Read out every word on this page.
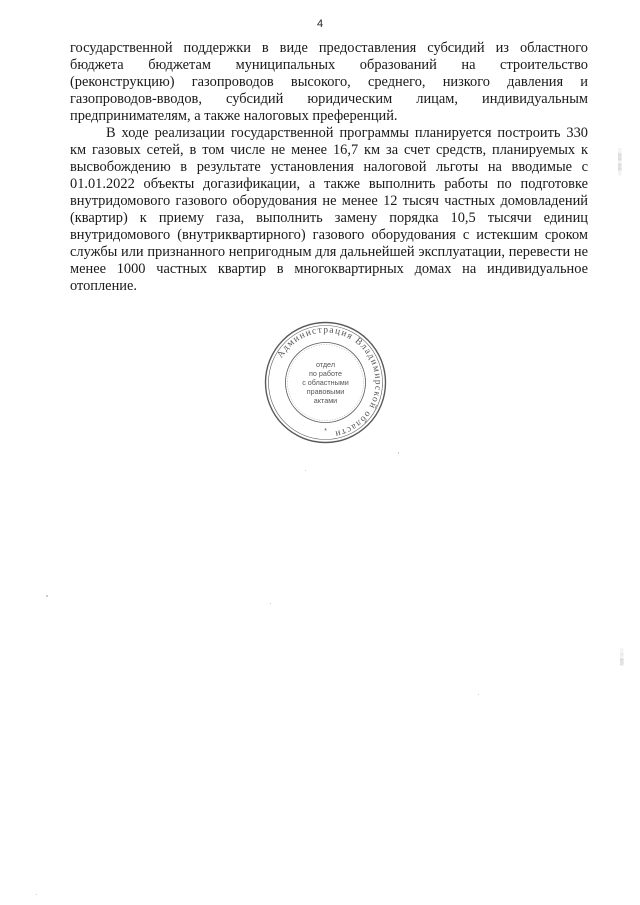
4

государственной поддержки в виде предоставления субсидий из областного бюджета бюджетам муниципальных образований на строительство (реконструкцию) газопроводов высокого, среднего, низкого давления и газопроводов-вводов, субсидий юридическим лицам, индивидуальным предпринимателям, а также налоговых преференций.

В ходе реализации государственной программы планируется построить 330 км газовых сетей, в том числе не менее 16,7 км за счет средств, планируемых к высвобождению в результате установления налоговой льготы на вводимые с 01.01.2022 объекты догазификации, а также выполнить работы по подготовке внутридомового газового оборудования не менее 12 тысяч частных домовладений (квартир) к приему газа, выполнить замену порядка 10,5 тысячи единиц внутридомового (внутриквартирного) газового оборудования с истекшим сроком службы или признанного непригодным для дальнейшей эксплуатации, перевести не менее 1000 частных квартир в многоквартирных домах на индивидуальное отопление.

Администрация Владимирской области
отдел
по работе
с областными
правовыми
актами
*
░
▒
░
▒
░
░
░
▒
